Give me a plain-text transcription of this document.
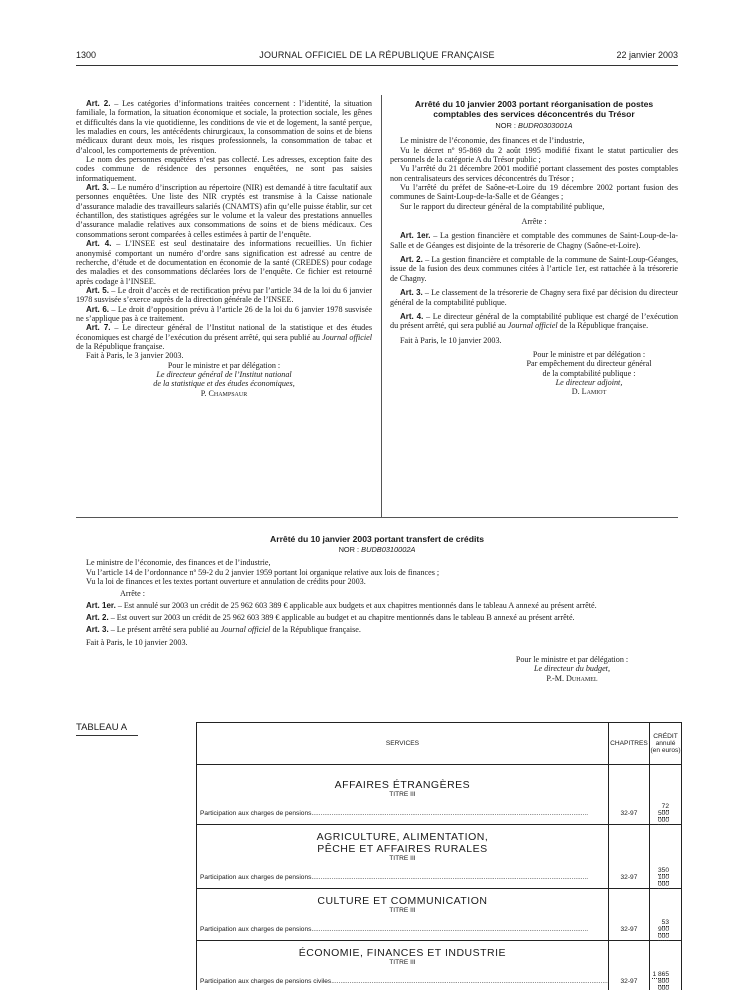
1300	JOURNAL OFFICIEL DE LA RÉPUBLIQUE FRANÇAISE	22 janvier 2003

Art. 2. – Les catégories d’informations traitées concernent : l’identité, la situation familiale, la formation, la situation économique et sociale, la protection sociale, les gênes et difficultés dans la vie quotidienne, les conditions de vie et de logement, la santé perçue, les maladies en cours, les antécédents chirurgicaux, la consommation de soins et de biens médicaux durant deux mois, les risques professionnels, la consommation de tabac et d’alcool, les comportements de prévention.

Le nom des personnes enquêtées n’est pas collecté. Les adresses, exception faite des codes commune de résidence des personnes enquêtées, ne sont pas saisies informatiquement.

Art. 3. – Le numéro d’inscription au répertoire (NIR) est demandé à titre facultatif aux personnes enquêtées. Une liste des NIR cryptés est transmise à la Caisse nationale d’assurance maladie des travailleurs salariés (CNAMTS) afin qu’elle puisse établir, sur cet échantillon, des statistiques agrégées sur le volume et la valeur des prestations annuelles d’assurance maladie relatives aux consommations de soins et de biens médicaux. Ces consommations seront comparées à celles estimées à partir de l’enquête.

Art. 4. – L’INSEE est seul destinataire des informations recueillies. Un fichier anonymisé comportant un numéro d’ordre sans signification est adressé au centre de recherche, d’étude et de documentation en économie de la santé (CREDES) pour codage des maladies et des consommations déclarées lors de l’enquête. Ce fichier est retourné après codage à l’INSEE.

Art. 5. – Le droit d’accès et de rectification prévu par l’article 34 de la loi du 6 janvier 1978 susvisée s’exerce auprès de la direction générale de l’INSEE.

Art. 6. – Le droit d’opposition prévu à l’article 26 de la loi du 6 janvier 1978 susvisée ne s’applique pas à ce traitement.

Art. 7. – Le directeur général de l’Institut national de la statistique et des études économiques est chargé de l’exécution du présent arrêté, qui sera publié au Journal officiel de la République française.

Fait à Paris, le 3 janvier 2003.

Pour le ministre et par délégation :

Le directeur général de l’Institut national

de la statistique et des études économiques,

P. Champsaur

Arrêté du 10 janvier 2003 portant réorganisation de postes comptables des services déconcentrés du Trésor

NOR : BUDR0303001A

Le ministre de l’économie, des finances et de l’industrie,

Vu le décret nº 95-869 du 2 août 1995 modifié fixant le statut particulier des personnels de la catégorie A du Trésor public ;

Vu l’arrêté du 21 décembre 2001 modifié portant classement des postes comptables non centralisateurs des services déconcentrés du Trésor ;

Vu l’arrêté du préfet de Saône-et-Loire du 19 décembre 2002 portant fusion des communes de Saint-Loup-de-la-Salle et de Géanges ;

Sur le rapport du directeur général de la comptabilité publique,

Arrête :

Art. 1er. – La gestion financière et comptable des communes de Saint-Loup-de-la-Salle et de Géanges est disjointe de la trésorerie de Chagny (Saône-et-Loire).

Art. 2. – La gestion financière et comptable de la commune de Saint-Loup-Géanges, issue de la fusion des deux communes citées à l’article 1er, est rattachée à la trésorerie de Chagny.

Art. 3. – Le classement de la trésorerie de Chagny sera fixé par décision du directeur général de la comptabilité publique.

Art. 4. – Le directeur général de la comptabilité publique est chargé de l’exécution du présent arrêté, qui sera publié au Journal officiel de la République française.

Fait à Paris, le 10 janvier 2003.

Pour le ministre et par délégation :

Par empêchement du directeur général

de la comptabilité publique :

Le directeur adjoint,

D. Lamiot

Arrêté du 10 janvier 2003 portant transfert de crédits

NOR : BUDB0310002A

Le ministre de l’économie, des finances et de l’industrie,

Vu l’article 14 de l’ordonnance nº 59-2 du 2 janvier 1959 portant loi organique relative aux lois de finances ;

Vu la loi de finances et les textes portant ouverture et annulation de crédits pour 2003.

Arrête :

Art. 1er. – Est annulé sur 2003 un crédit de 25 962 603 389 € applicable aux budgets et aux chapitres mentionnés dans le tableau A annexé au présent arrêté.

Art. 2. – Est ouvert sur 2003 un crédit de 25 962 603 389 € applicable au budget et au chapitre mentionnés dans le tableau B annexé au présent arrêté.

Art. 3. – Le présent arrêté sera publié au Journal officiel de la République française.

Fait à Paris, le 10 janvier 2003.

Pour le ministre et par délégation :

Le directeur du budget,

P.-M. Duhamel

TABLEAU A
SERVICES	CHAPITRES	CRÉDIT
annulé
(en euros)

AFFAIRES ÉTRANGÈRES
TITRE III		

Participation aux charges de pensions.......................................................................................................................................................	32-97	72 500 000

AGRICULTURE, ALIMENTATION,
PÊCHE ET AFFAIRES RURALES
TITRE III		

Participation aux charges de pensions.......................................................................................................................................................	32-97	350 100 000

CULTURE ET COMMUNICATION
TITRE III		

Participation aux charges de pensions.......................................................................................................................................................	32-97	53 900 000

ÉCONOMIE, FINANCES ET INDUSTRIE
TITRE III		

Participation aux charges de pensions civiles.......................................................................................................................................................	32-97	1 865 800 000
